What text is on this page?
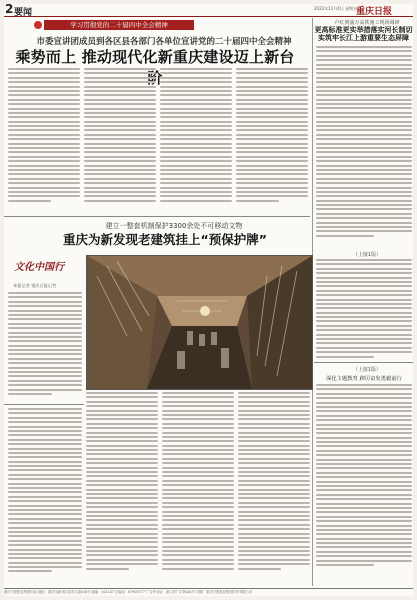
2 要闻	2022年11月4日 星期五
重庆日报
学习贯彻党的二十届四中全会精神
市委宣讲团成员到各区县各部门各单位宣讲党的二十届四中全会精神
乘势而上 推动现代化新重庆建设迈上新台
卢红到渝万高铁施工现场调研
更高标准更实举措落实河长制切实筑牢长江上游重要生态屏障
建立一整套机制保护3300余处不可移动文物
重庆为新发现老建筑挂上“预保护牌”
文化中国行
本报记者 重庆日报记者
（上接1版）
（上接1版）
深化主题教育 踔厉奋发勇毅前行
重庆日报报业集团出品 地址：重庆市渝北区同茂大道416号 邮编：401147 总编室：67903777 广告许可证：渝工商广字第001号 印刷：重庆日报报业集团印务有限公司
